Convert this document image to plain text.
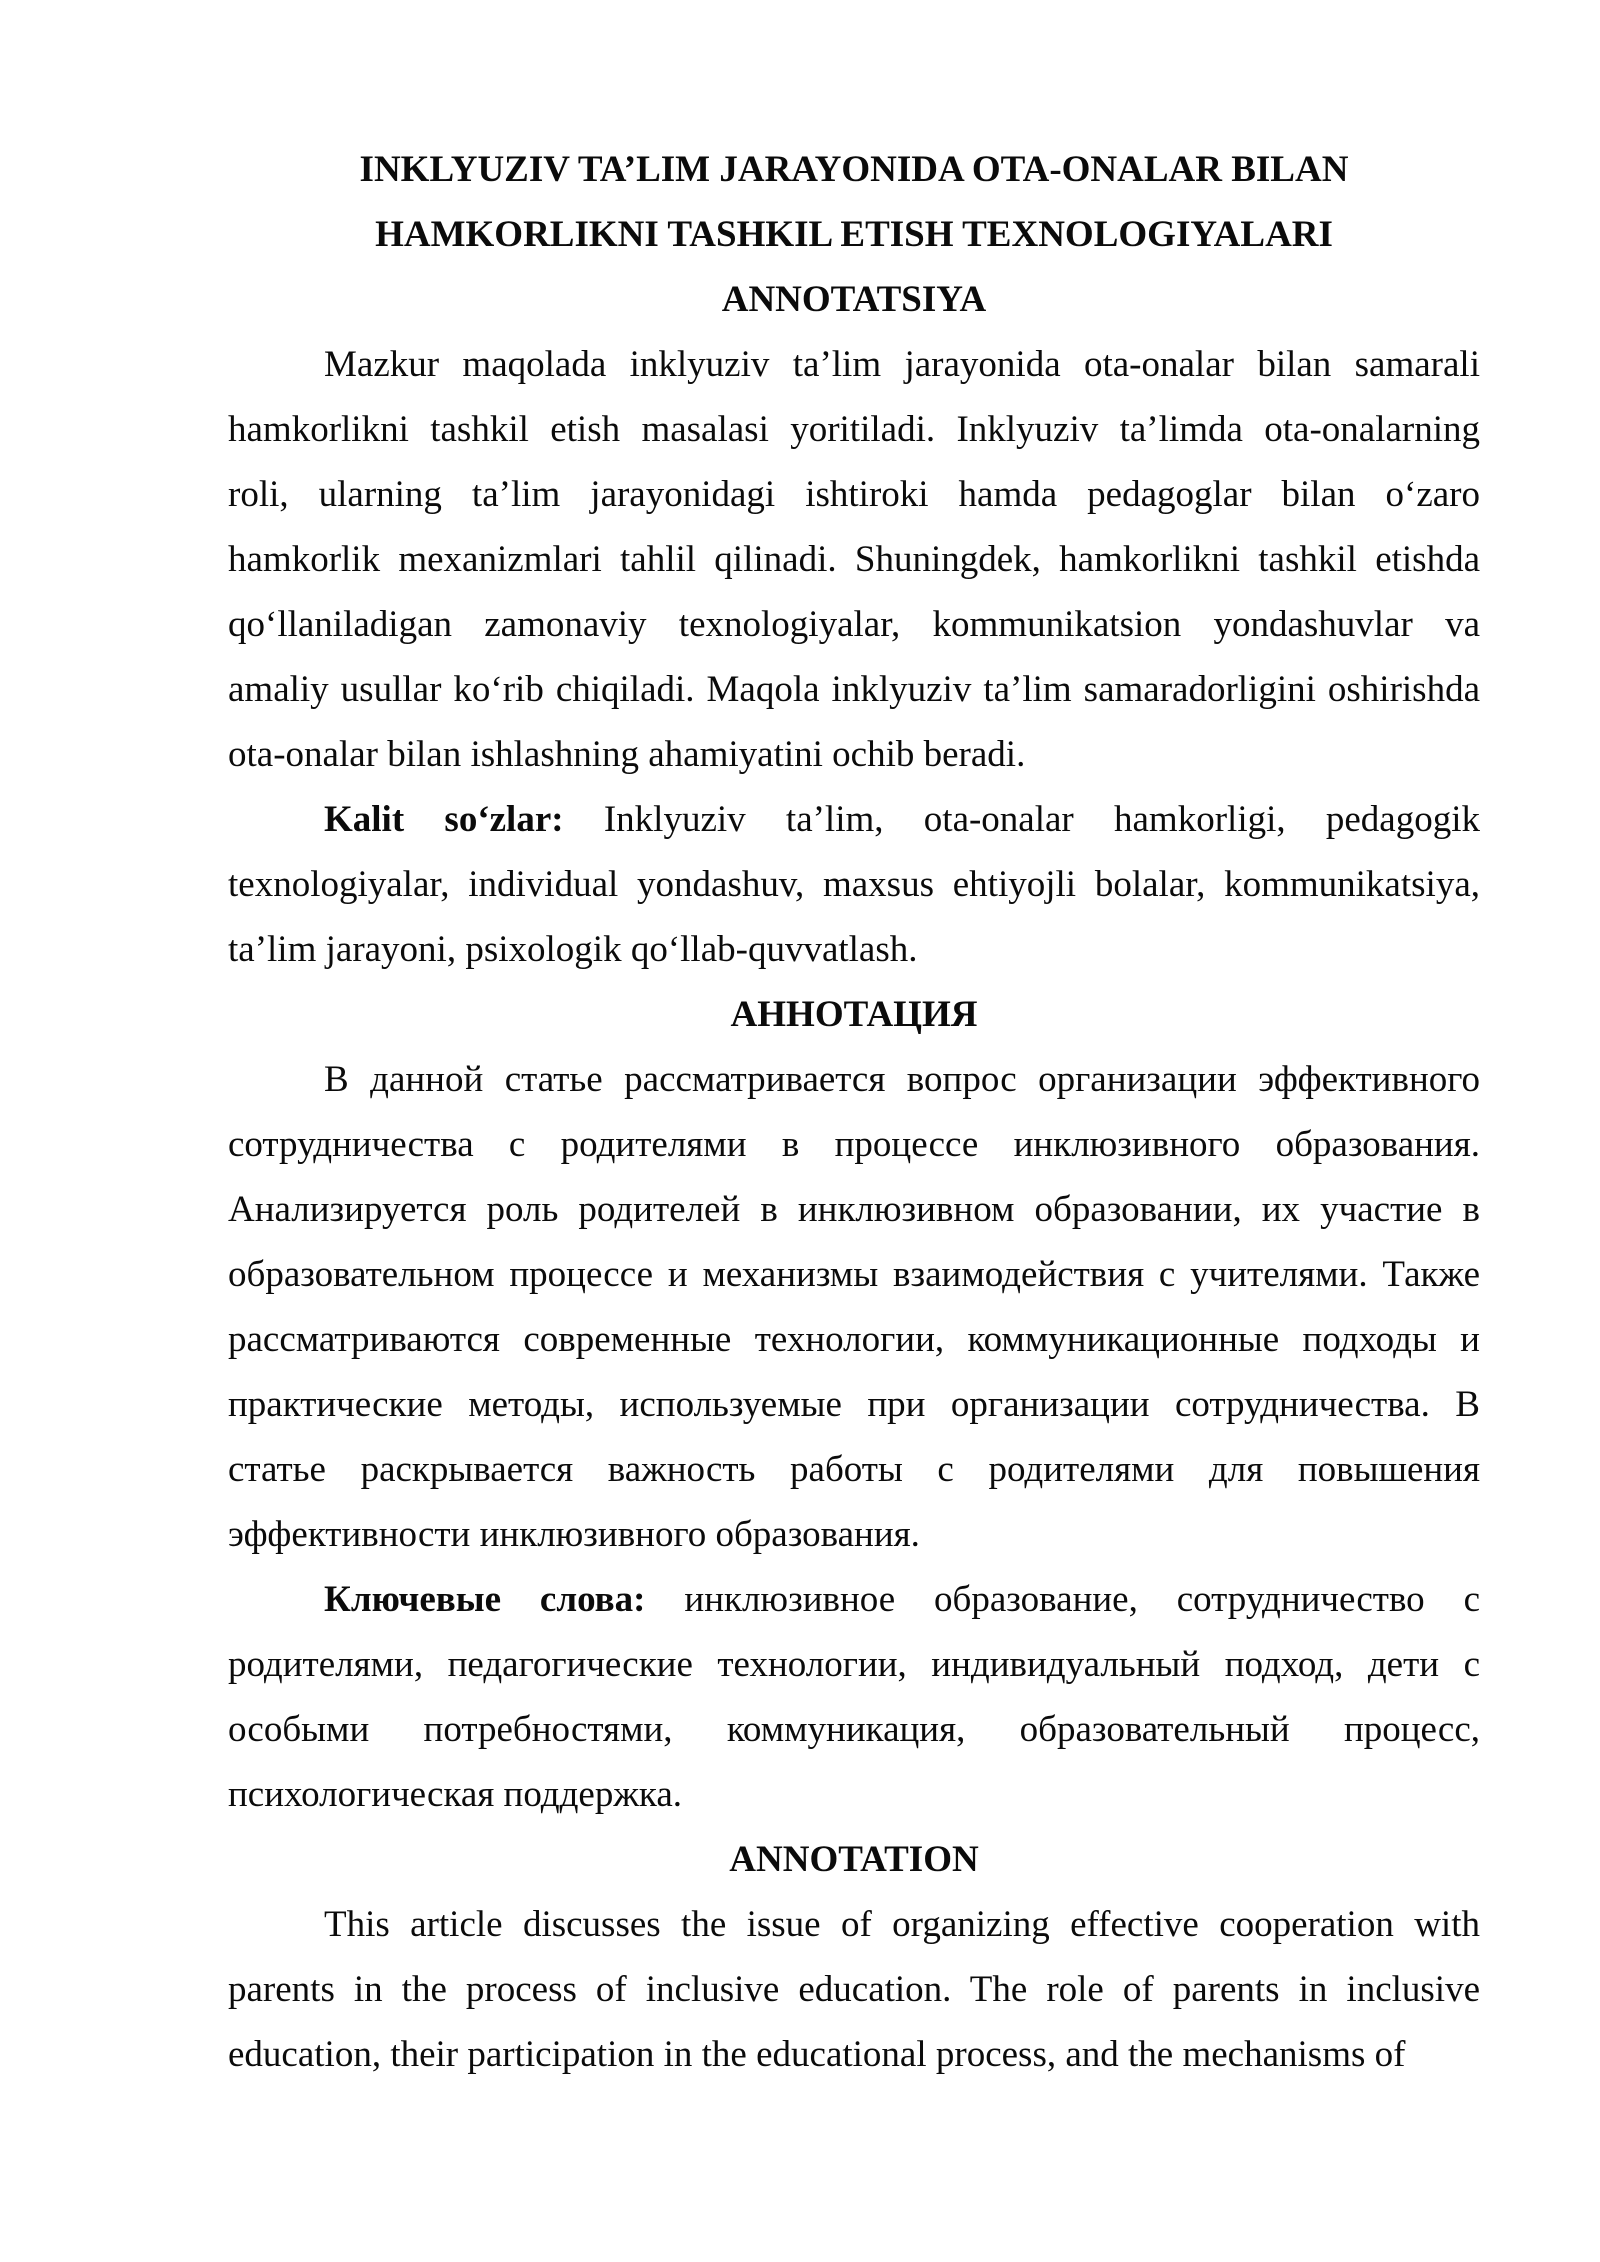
INKLYUZIV TA’LIM JARAYONIDA OTA-ONALAR BILAN
HAMKORLIKNI TASHKIL ETISH TEXNOLOGIYALARI
ANNOTATSIYA
Mazkur maqolada inklyuziv ta’lim jarayonida ota-onalar bilan samarali
hamkorlikni tashkil etish masalasi yoritiladi. Inklyuziv ta’limda ota-onalarning
roli, ularning ta’lim jarayonidagi ishtiroki hamda pedagoglar bilan o‘zaro
hamkorlik mexanizmlari tahlil qilinadi. Shuningdek, hamkorlikni tashkil etishda
qo‘llaniladigan zamonaviy texnologiyalar, kommunikatsion yondashuvlar va
amaliy usullar ko‘rib chiqiladi. Maqola inklyuziv ta’lim samaradorligini oshirishda
ota-onalar bilan ishlashning ahamiyatini ochib beradi.
Kalit so‘zlar: Inklyuziv ta’lim, ota-onalar hamkorligi, pedagogik
texnologiyalar, individual yondashuv, maxsus ehtiyojli bolalar, kommunikatsiya,
ta’lim jarayoni, psixologik qo‘llab-quvvatlash.
АННОТАЦИЯ
В данной статье рассматривается вопрос организации эффективного
сотрудничества с родителями в процессе инклюзивного образования.
Анализируется роль родителей в инклюзивном образовании, их участие в
образовательном процессе и механизмы взаимодействия с учителями. Также
рассматриваются современные технологии, коммуникационные подходы и
практические методы, используемые при организации сотрудничества. В
статье раскрывается важность работы с родителями для повышения
эффективности инклюзивного образования.
Ключевые слова: инклюзивное образование, сотрудничество с
родителями, педагогические технологии, индивидуальный подход, дети с
особыми потребностями, коммуникация, образовательный процесс,
психологическая поддержка.
ANNOTATION
This article discusses the issue of organizing effective cooperation with
parents in the process of inclusive education. The role of parents in inclusive
education, their participation in the educational process, and the mechanisms of
